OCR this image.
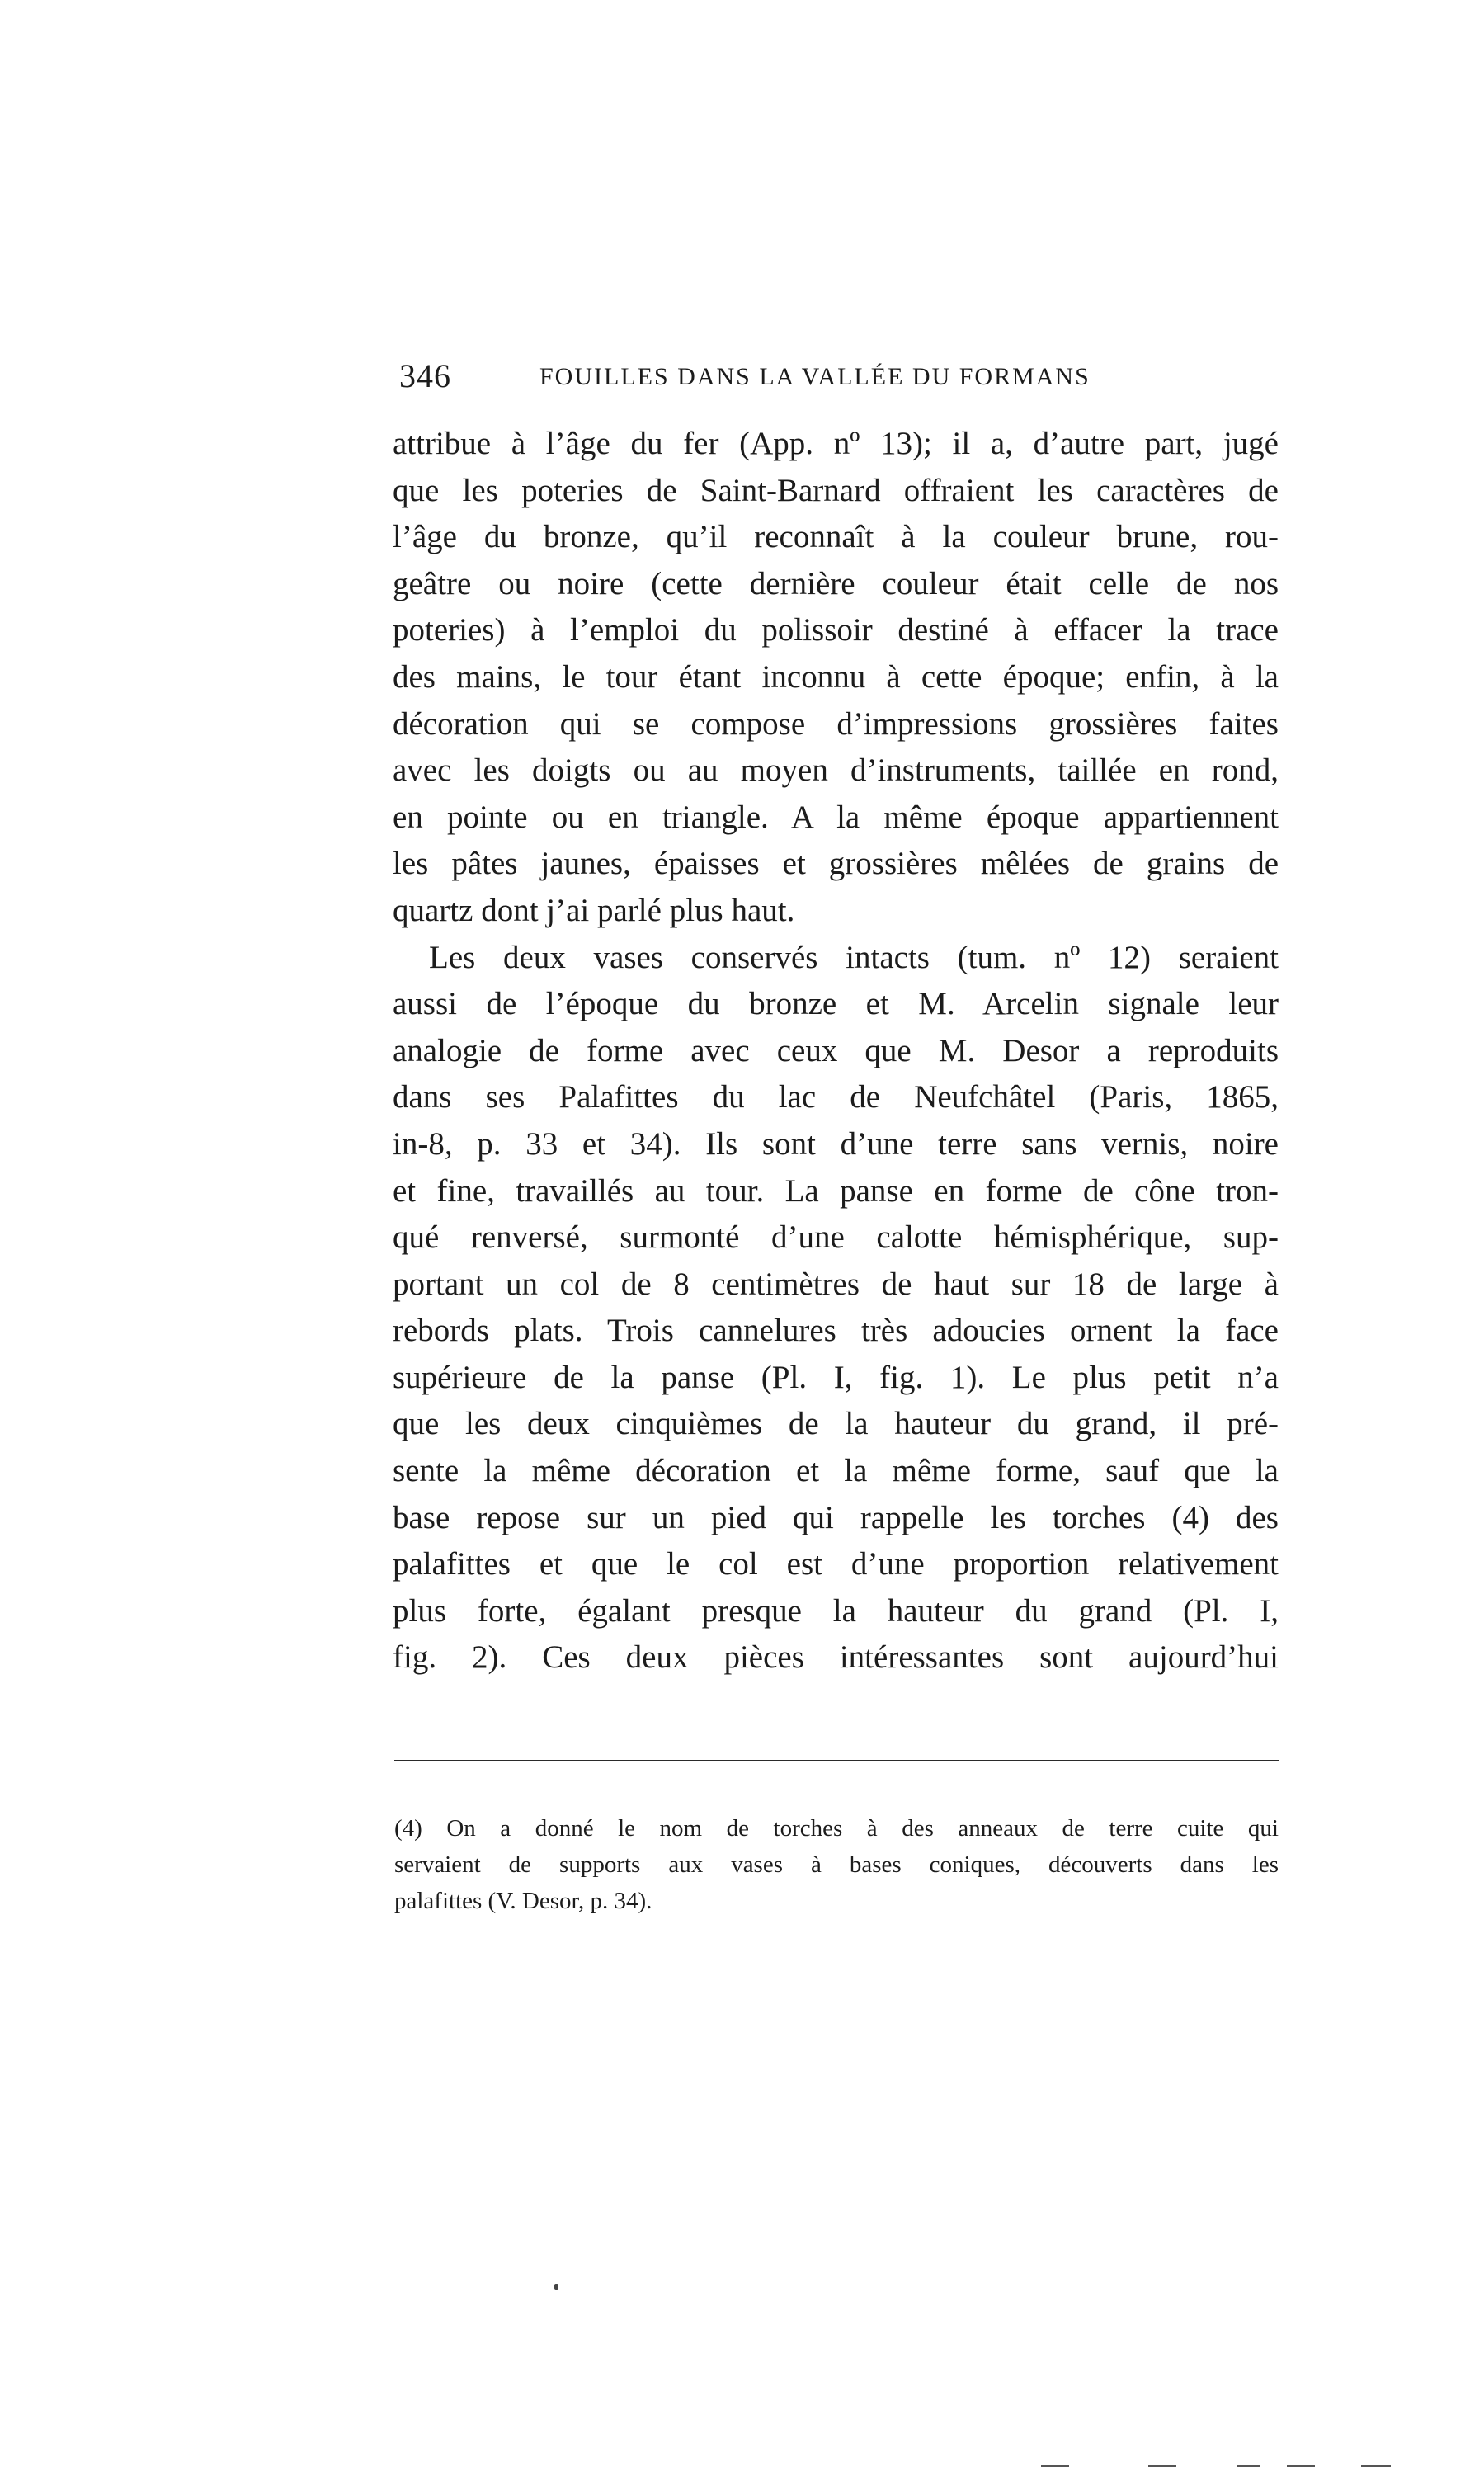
346	FOUILLES DANS LA VALLÉE DU FORMANS
attribue à l’âge du fer (App. nº 13); il a, d’autre part, jugé
que les poteries de Saint-Barnard offraient les caractères de
l’âge du bronze, qu’il reconnaît à la couleur brune, rou-
geâtre ou noire (cette dernière couleur était celle de nos
poteries) à l’emploi du polissoir destiné à effacer la trace
des mains, le tour étant inconnu à cette époque; enfin, à la
décoration qui se compose d’impressions grossières faites
avec les doigts ou au moyen d’instruments, taillée en rond,
en pointe ou en triangle. A la même époque appartiennent
les pâtes jaunes, épaisses et grossières mêlées de grains de
quartz dont j’ai parlé plus haut.
Les deux vases conservés intacts (tum. nº 12) seraient
aussi de l’époque du bronze et M. Arcelin signale leur
analogie de forme avec ceux que M. Desor a reproduits
dans ses Palafittes du lac de Neufchâtel (Paris, 1865,
in-8, p. 33 et 34). Ils sont d’une terre sans vernis, noire
et fine, travaillés au tour. La panse en forme de cône tron-
qué renversé, surmonté d’une calotte hémisphérique, sup-
portant un col de 8 centimètres de haut sur 18 de large à
rebords plats. Trois cannelures très adoucies ornent la face
supérieure de la panse (Pl. I, fig. 1). Le plus petit n’a
que les deux cinquièmes de la hauteur du grand, il pré-
sente la même décoration et la même forme, sauf que la
base repose sur un pied qui rappelle les torches (4) des
palafittes et que le col est d’une proportion relativement
plus forte, égalant presque la hauteur du grand (Pl. I,
fig. 2). Ces deux pièces intéressantes sont aujourd’hui
(4) On a donné le nom de torches à des anneaux de terre cuite qui
servaient de supports aux vases à bases coniques, découverts dans les
palafittes (V. Desor, p. 34).
